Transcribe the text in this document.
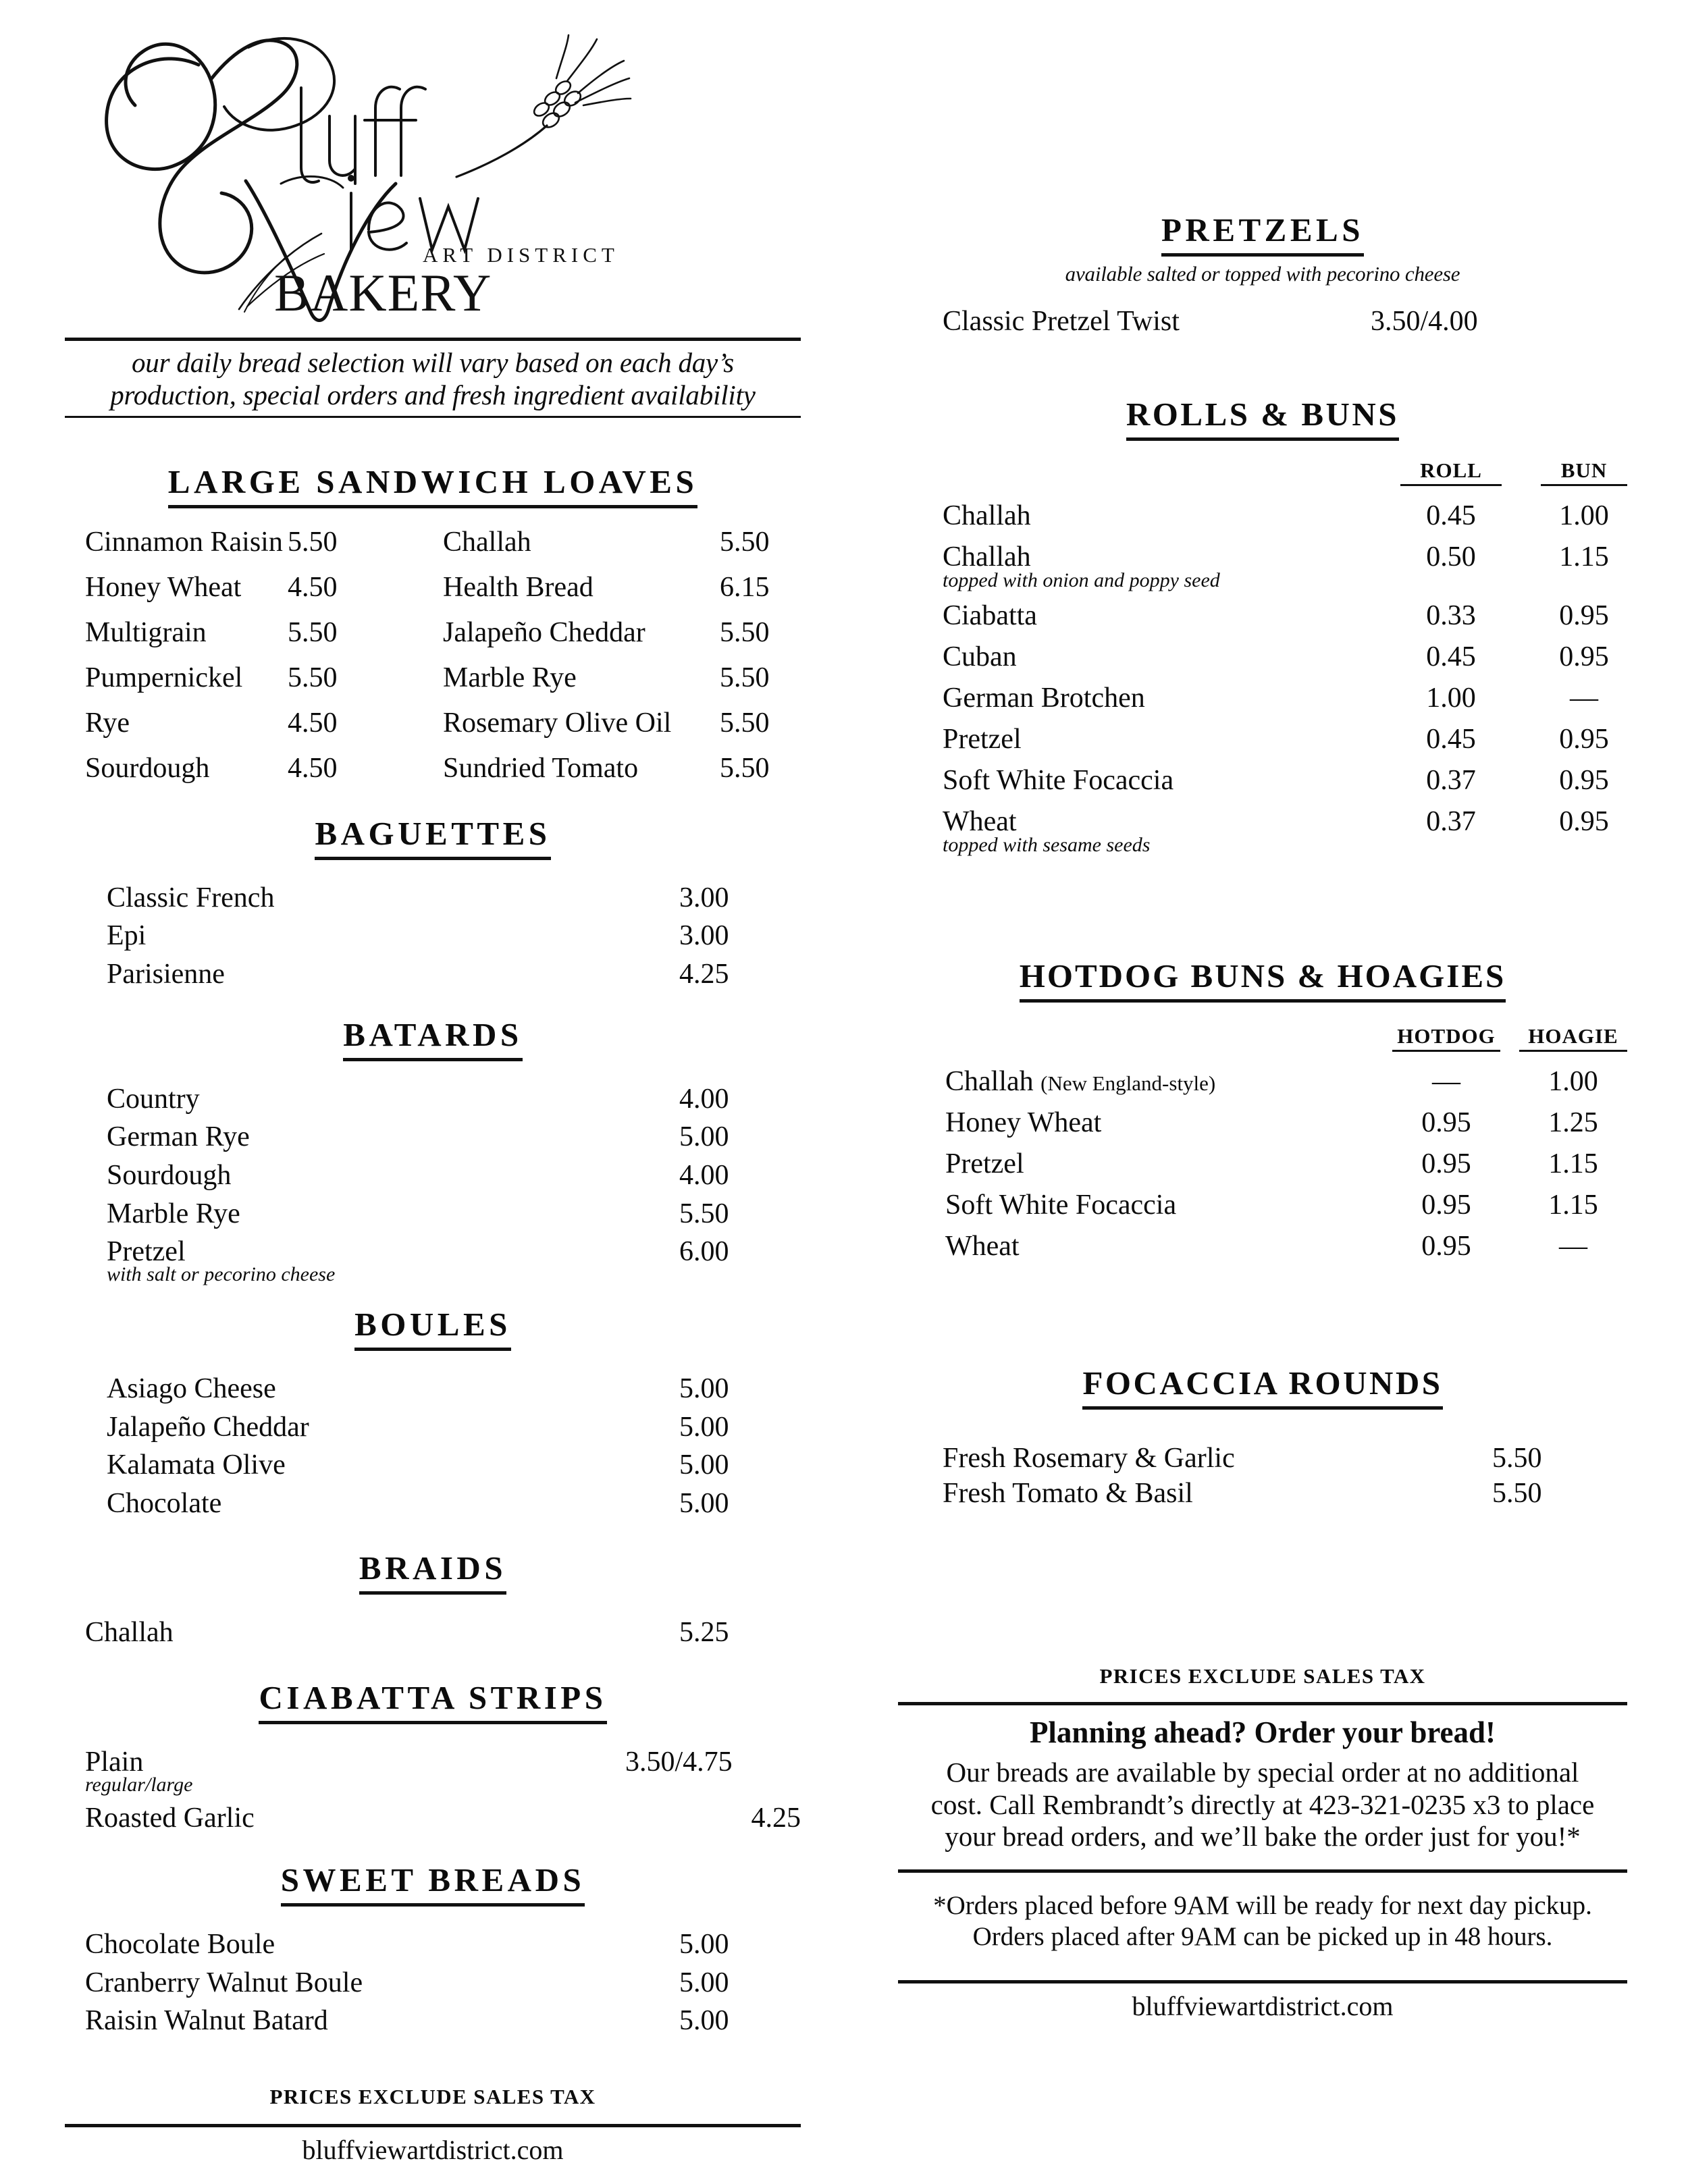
ART DISTRICT
BAKERY
our daily bread selection will vary based on each day’s
production, special orders and fresh ingredient availability
LARGE SANDWICH LOAVES
Cinnamon Raisin 5.50	Challah	5.50
Honey Wheat	4.50	Health Bread	6.15
Multigrain	5.50	Jalapeño Cheddar	5.50
Pumpernickel	5.50	Marble Rye	5.50
Rye	4.50	Rosemary Olive Oil	5.50
Sourdough	4.50	Sundried Tomato	5.50
BAGUETTES
Classic French	3.00
Epi	3.00
Parisienne	4.25
BATARDS
Country	4.00
German Rye	5.00
Sourdough	4.00
Marble Rye	5.50
Pretzel	6.00
with salt or pecorino cheese
BOULES
Asiago Cheese	5.00
Jalapeño Cheddar	5.00
Kalamata Olive	5.00
Chocolate	5.00
BRAIDS
Challah	5.25
CIABATTA STRIPS
Plain	3.50/4.75
regular/large
Roasted Garlic	4.25
SWEET BREADS
Chocolate Boule	5.00
Cranberry Walnut Boule	5.00
Raisin Walnut Batard	5.00
PRICES EXCLUDE SALES TAX
bluffviewartdistrict.com
PRETZELS
available salted or topped with pecorino cheese
Classic Pretzel Twist	3.50/4.00
ROLLS & BUNS
ROLL	BUN
Challah	0.45	1.00
Challah	0.50	1.15
topped with onion and poppy seed
Ciabatta	0.33	0.95
Cuban	0.45	0.95
German Brotchen	1.00	—
Pretzel	0.45	0.95
Soft White Focaccia	0.37	0.95
Wheat	0.37	0.95
topped with sesame seeds
HOTDOG BUNS & HOAGIES
HOTDOG	HOAGIE
Challah (New England-style)	—	1.00
Honey Wheat	0.95	1.25
Pretzel	0.95	1.15
Soft White Focaccia	0.95	1.15
Wheat	0.95	—
FOCACCIA ROUNDS
Fresh Rosemary & Garlic	5.50
Fresh Tomato & Basil	5.50
PRICES EXCLUDE SALES TAX
Planning ahead? Order your bread!
Our breads are available by special order at no additional
cost. Call Rembrandt’s directly at 423-321-0235 x3 to place
your bread orders, and we’ll bake the order just for you!*
*Orders placed before 9AM will be ready for next day pickup.
Orders placed after 9AM can be picked up in 48 hours.
bluffviewartdistrict.com
